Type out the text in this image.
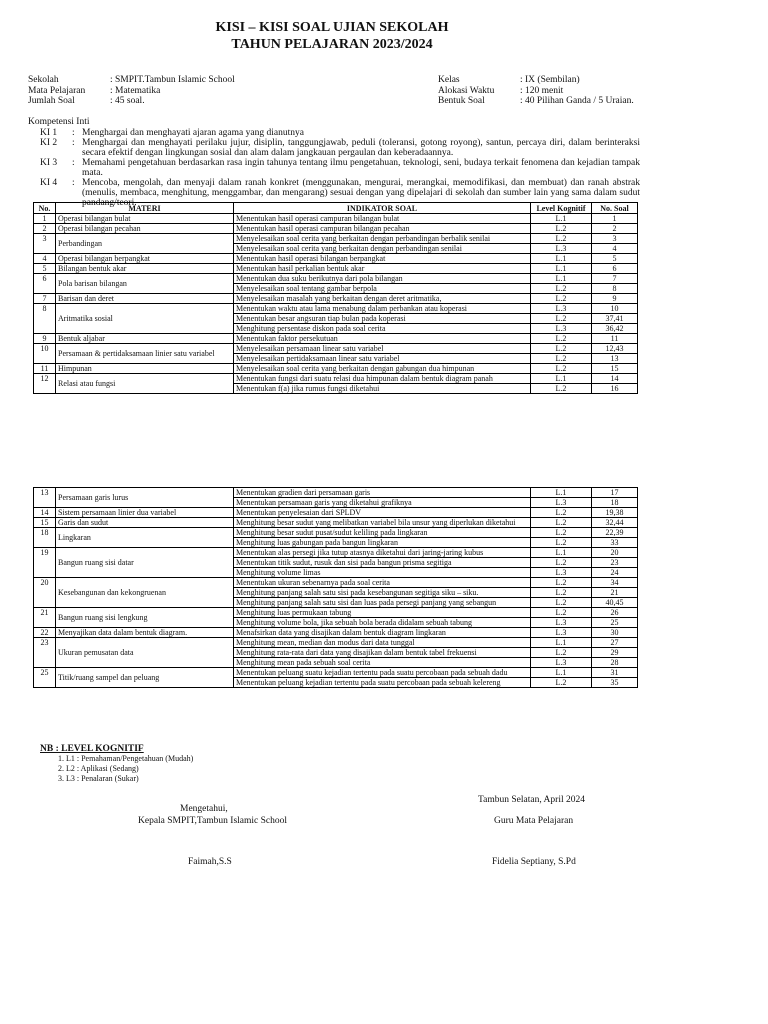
KISI – KISI SOAL UJIAN SEKOLAH
TAHUN PELAJARAN 2023/2024
Sekolah	: SMPIT.Tambun Islamic School
Mata Pelajaran	: Matematika
Jumlah Soal	: 45 soal.
Kelas	: IX (Sembilan)
Alokasi Waktu	: 120 menit
Bentuk Soal	: 40 Pilihan Ganda / 5 Uraian.
Kompetensi Inti
KI 1	: Menghargai dan menghayati ajaran agama yang dianutnya
KI 2	: Menghargai dan menghayati perilaku jujur, disiplin, tanggungjawab, peduli (toleransi, gotong royong), santun, percaya diri, dalam berinteraksi secara efektif dengan lingkungan sosial dan alam dalam jangkauan pergaulan dan keberadaannya.
KI 3	: Memahami pengetahuan berdasarkan rasa ingin tahunya tentang ilmu pengetahuan, teknologi, seni, budaya terkait fenomena dan kejadian tampak mata.
KI 4	: Mencoba, mengolah, dan menyaji dalam ranah konkret (menggunakan, mengurai, merangkai, memodifikasi, dan membuat) dan ranah abstrak (menulis, membaca, menghitung, menggambar, dan mengarang) sesuai dengan yang dipelajari di sekolah dan sumber lain yang sama dalam sudut pandang/teori.
No.	MATERI	INDIKATOR SOAL	Level Kognitif	No. Soal
1	Operasi bilangan bulat	Menentukan hasil operasi campuran bilangan bulat	L.1	1
2	Operasi bilangan pecahan	Menentukan hasil operasi campuran bilangan pecahan	L.2	2
3	Perbandingan	Menyelesaikan soal cerita yang berkaitan dengan perbandingan berbalik senilai	L.2	3
		Menyelesaikan soal cerita yang berkaitan dengan perbandingan senilai	L.3	4
4	Operasi bilangan berpangkat	Menentukan hasil operasi bilangan berpangkat	L.1	5
5	Bilangan bentuk akar	Menentukan hasil perkalian bentuk akar	L.1	6
6	Pola barisan bilangan	Menentukan dua suku berikutnya dari pola bilangan	L.1	7
		Menyelesaikan soal tentang gambar berpola	L.2	8
7	Barisan dan deret	Menyelesaikan masalah yang berkaitan dengan deret aritmatika,	L.2	9
8	Aritmatika sosial	Menentukan waktu atau lama menabung dalam perbankan atau koperasi	L.3	10
		Menentukan besar angsuran tiap bulan pada koperasi	L.2	37,41
		Menghitung persentase diskon pada soal cerita	L.3	36,42
9	Bentuk aljabar	Menentukan faktor persekutuan	L.2	11
10	Persamaan & pertidaksamaan linier satu variabel	Menyelesaikan persamaan linear satu variabel	L.2	12,43
		Menyelesaikan pertidaksamaan linear satu variabel	L.2	13
11	Himpunan	Menyelesaikan soal cerita yang berkaitan dengan gabungan dua himpunan	L.2	15
12	Relasi atau fungsi	Menentukan fungsi dari suatu relasi dua himpunan dalam bentuk diagram panah	L.1	14
		Menentukan f(a) jika rumus fungsi diketahui	L.2	16
13	Persamaan garis lurus	Menentukan gradien dari persamaan garis	L.1	17
		Menentukan persamaan garis yang diketahui grafiknya	L.3	18
14	Sistem persamaan linier dua variabel	Menentukan penyelesaian dari SPLDV	L.2	19,38
15	Garis dan sudut	Menghitung besar sudut yang melibatkan variabel bila unsur yang diperlukan diketahui	L.2	32,44
18	Lingkaran	Menghitung besar sudut pusat/sudut keliling pada lingkaran	L.2	22,39
		Menghitung luas gabungan pada bangun lingkaran	L.2	33
19	Bangun ruang sisi datar	Menentukan alas persegi jika tutup atasnya diketahui dari jaring-jaring kubus	L.1	20
		Menentukan titik sudut, rusuk dan sisi pada bangun prisma segitiga	L.2	23
		Menghitung volume limas	L.3	24
20	Kesebangunan dan kekongruenan	Menentukan ukuran sebenarnya pada soal cerita	L.2	34
		Menghitung panjang salah satu sisi pada kesebangunan segitiga siku – siku.	L.2	21
		Menghitung panjang salah satu sisi dan luas pada persegi panjang yang sebangun	L.2	40,45
21	Bangun ruang sisi lengkung	Menghitung luas permukaan tabung	L.2	26
		Menghitung volume bola, jika sebuah bola berada didalam sebuah tabung	L.3	25
22	Menyajikan data dalam bentuk diagram.	Menafsirkan data yang disajikan dalam bentuk diagram lingkaran	L.3	30
23	Ukuran pemusatan data	Menghitung mean, median dan modus dari data tunggal	L.1	27
		Menghitung rata-rata dari data yang disajikan dalam bentuk tabel frekuensi	L.2	29
		Menghitung mean pada sebuah soal cerita	L.3	28
25	Titik/ruang sampel dan peluang	Menentukan peluang suatu kejadian tertentu pada suatu percobaan pada sebuah dadu	L.1	31
		Menentukan peluang kejadian tertentu pada suatu percobaan pada sebuah kelereng	L.2	35
NB : LEVEL KOGNITIF
1. L1 : Pemahaman/Pengetahuan (Mudah)
2. L2 : Aplikasi (Sedang)
3. L3 : Penalaran (Sukar)
Tambun Selatan, April 2024
Mengetahui,
Kepala SMPIT,Tambun Islamic School	Guru Mata Pelajaran
Faimah,S.S	Fidelia Septiany, S.Pd
